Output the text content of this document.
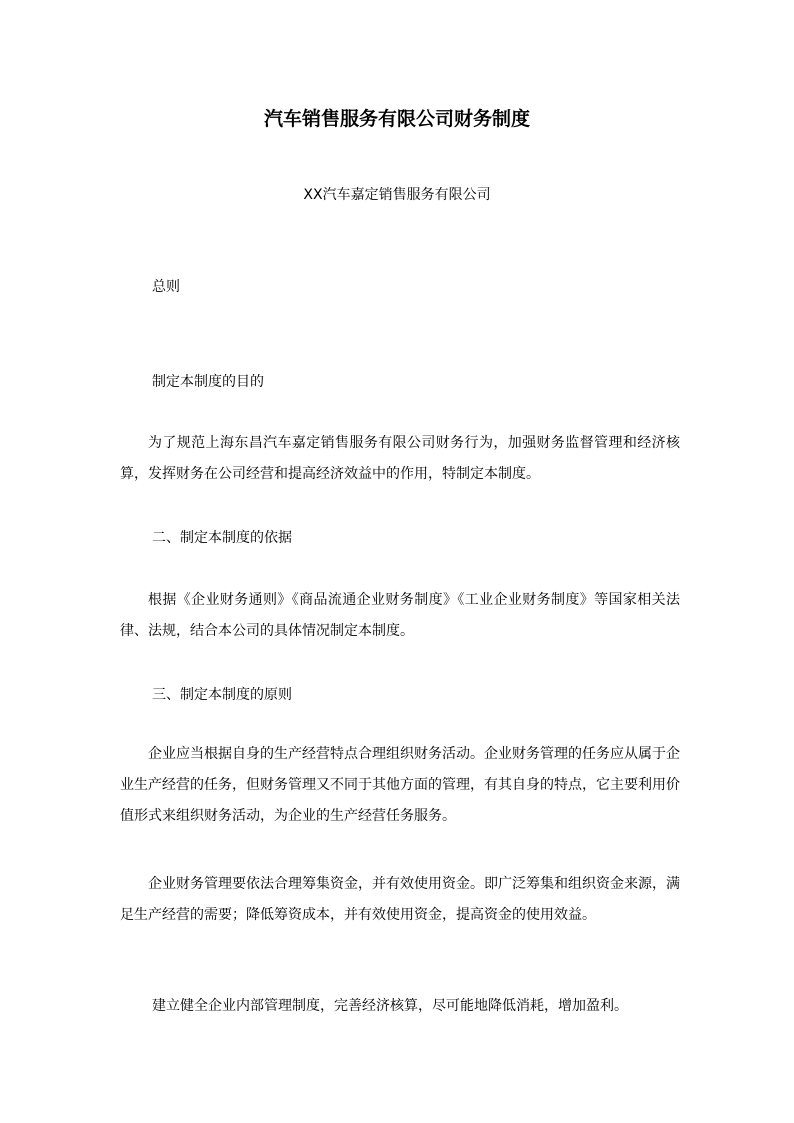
汽车销售服务有限公司财务制度
XX汽车嘉定销售服务有限公司
总则
制定本制度的目的
为了规范上海东昌汽车嘉定销售服务有限公司财务行为，加强财务监督管理和经济核算，发挥财务在公司经营和提高经济效益中的作用，特制定本制度。
二、制定本制度的依据
根据《企业财务通则》《商品流通企业财务制度》《工业企业财务制度》等国家相关法律、法规，结合本公司的具体情况制定本制度。
三、制定本制度的原则
企业应当根据自身的生产经营特点合理组织财务活动。企业财务管理的任务应从属于企业生产经营的任务，但财务管理又不同于其他方面的管理，有其自身的特点，它主要利用价值形式来组织财务活动，为企业的生产经营任务服务。
企业财务管理要依法合理筹集资金，并有效使用资金。即广泛筹集和组织资金来源，满足生产经营的需要；降低筹资成本，并有效使用资金，提高资金的使用效益。
建立健全企业内部管理制度，完善经济核算，尽可能地降低消耗，增加盈利。
